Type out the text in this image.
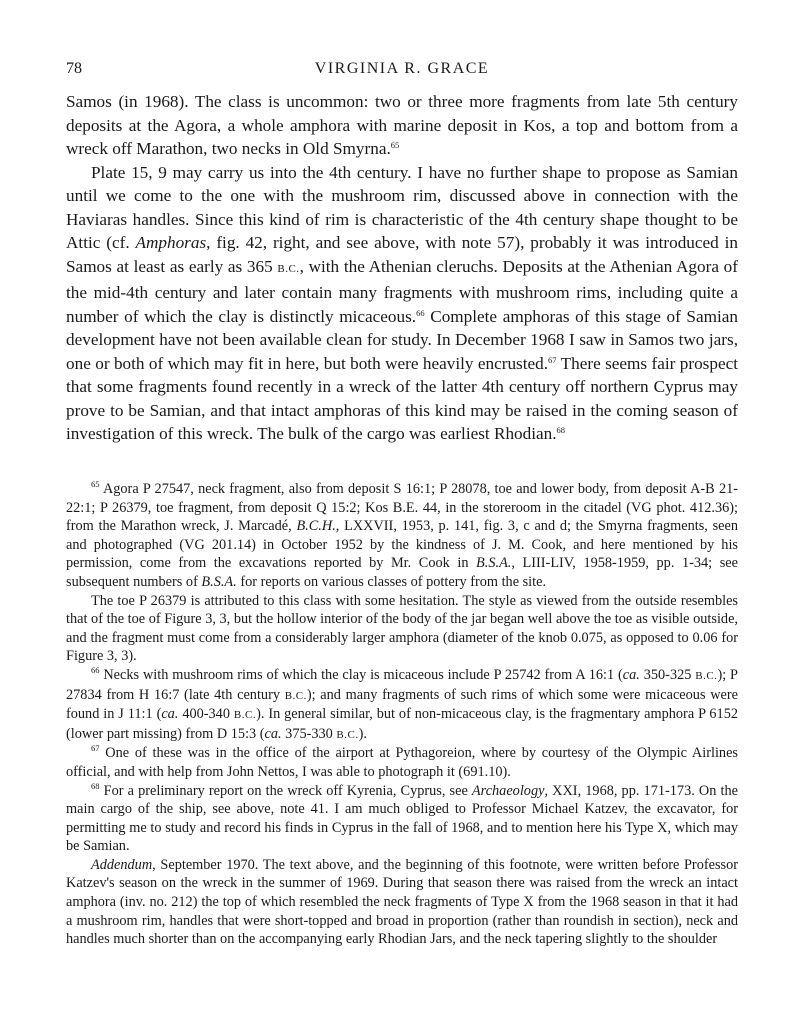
78	VIRGINIA R. GRACE

Samos (in 1968). The class is uncommon: two or three more fragments from late 5th century deposits at the Agora, a whole amphora with marine deposit in Kos, a top and bottom from a wreck off Marathon, two necks in Old Smyrna.$^{65}$

Plate 15, 9 may carry us into the 4th century. I have no further shape to propose as Samian until we come to the one with the mushroom rim, discussed above in connection with the Haviaras handles. Since this kind of rim is characteristic of the 4th century shape thought to be Attic (cf. Amphoras, fig. 42, right, and see above, with note 57), probably it was introduced in Samos at least as early as 365 B.C., with the Athenian cleruchs. Deposits at the Athenian Agora of the mid-4th century and later contain many fragments with mushroom rims, including quite a number of which the clay is distinctly micaceous.$^{66}$ Complete amphoras of this stage of Samian development have not been available clean for study. In December 1968 I saw in Samos two jars, one or both of which may fit in here, but both were heavily encrusted.$^{67}$ There seems fair prospect that some fragments found recently in a wreck of the latter 4th century off northern Cyprus may prove to be Samian, and that intact amphoras of this kind may be raised in the coming season of investigation of this wreck. The bulk of the cargo was earliest Rhodian.$^{68}$

$^{65}$ Agora P 27547, neck fragment, also from deposit S 16:1; P 28078, toe and lower body, from deposit A-B 21-22:1; P 26379, toe fragment, from deposit Q 15:2; Kos B.E. 44, in the storeroom in the citadel (VG phot. 412.36); from the Marathon wreck, J. Marcadé, B.C.H., LXXVII, 1953, p. 141, fig. 3, c and d; the Smyrna fragments, seen and photographed (VG 201.14) in October 1952 by the kindness of J. M. Cook, and here mentioned by his permission, come from the excavations reported by Mr. Cook in B.S.A., LIII-LIV, 1958-1959, pp. 1-34; see subsequent numbers of B.S.A. for reports on various classes of pottery from the site.

The toe P 26379 is attributed to this class with some hesitation. The style as viewed from the outside resembles that of the toe of Figure 3, 3, but the hollow interior of the body of the jar began well above the toe as visible outside, and the fragment must come from a considerably larger amphora (diameter of the knob 0.075, as opposed to 0.06 for Figure 3, 3).

$^{66}$ Necks with mushroom rims of which the clay is micaceous include P 25742 from A 16:1 (ca. 350-325 B.C.); P 27834 from H 16:7 (late 4th century B.C.); and many fragments of such rims of which some were micaceous were found in J 11:1 (ca. 400-340 B.C.). In general similar, but of non-micaceous clay, is the fragmentary amphora P 6152 (lower part missing) from D 15:3 (ca. 375-330 B.C.).

$^{67}$ One of these was in the office of the airport at Pythagoreion, where by courtesy of the Olympic Airlines official, and with help from John Nettos, I was able to photograph it (691.10).

$^{68}$ For a preliminary report on the wreck off Kyrenia, Cyprus, see Archaeology, XXI, 1968, pp. 171-173. On the main cargo of the ship, see above, note 41. I am much obliged to Professor Michael Katzev, the excavator, for permitting me to study and record his finds in Cyprus in the fall of 1968, and to mention here his Type X, which may be Samian.

Addendum, September 1970. The text above, and the beginning of this footnote, were written before Professor Katzev's season on the wreck in the summer of 1969. During that season there was raised from the wreck an intact amphora (inv. no. 212) the top of which resembled the neck fragments of Type X from the 1968 season in that it had a mushroom rim, handles that were short-topped and broad in proportion (rather than roundish in section), neck and handles much shorter than on the accompanying early Rhodian Jars, and the neck tapering slightly to the shoulder
